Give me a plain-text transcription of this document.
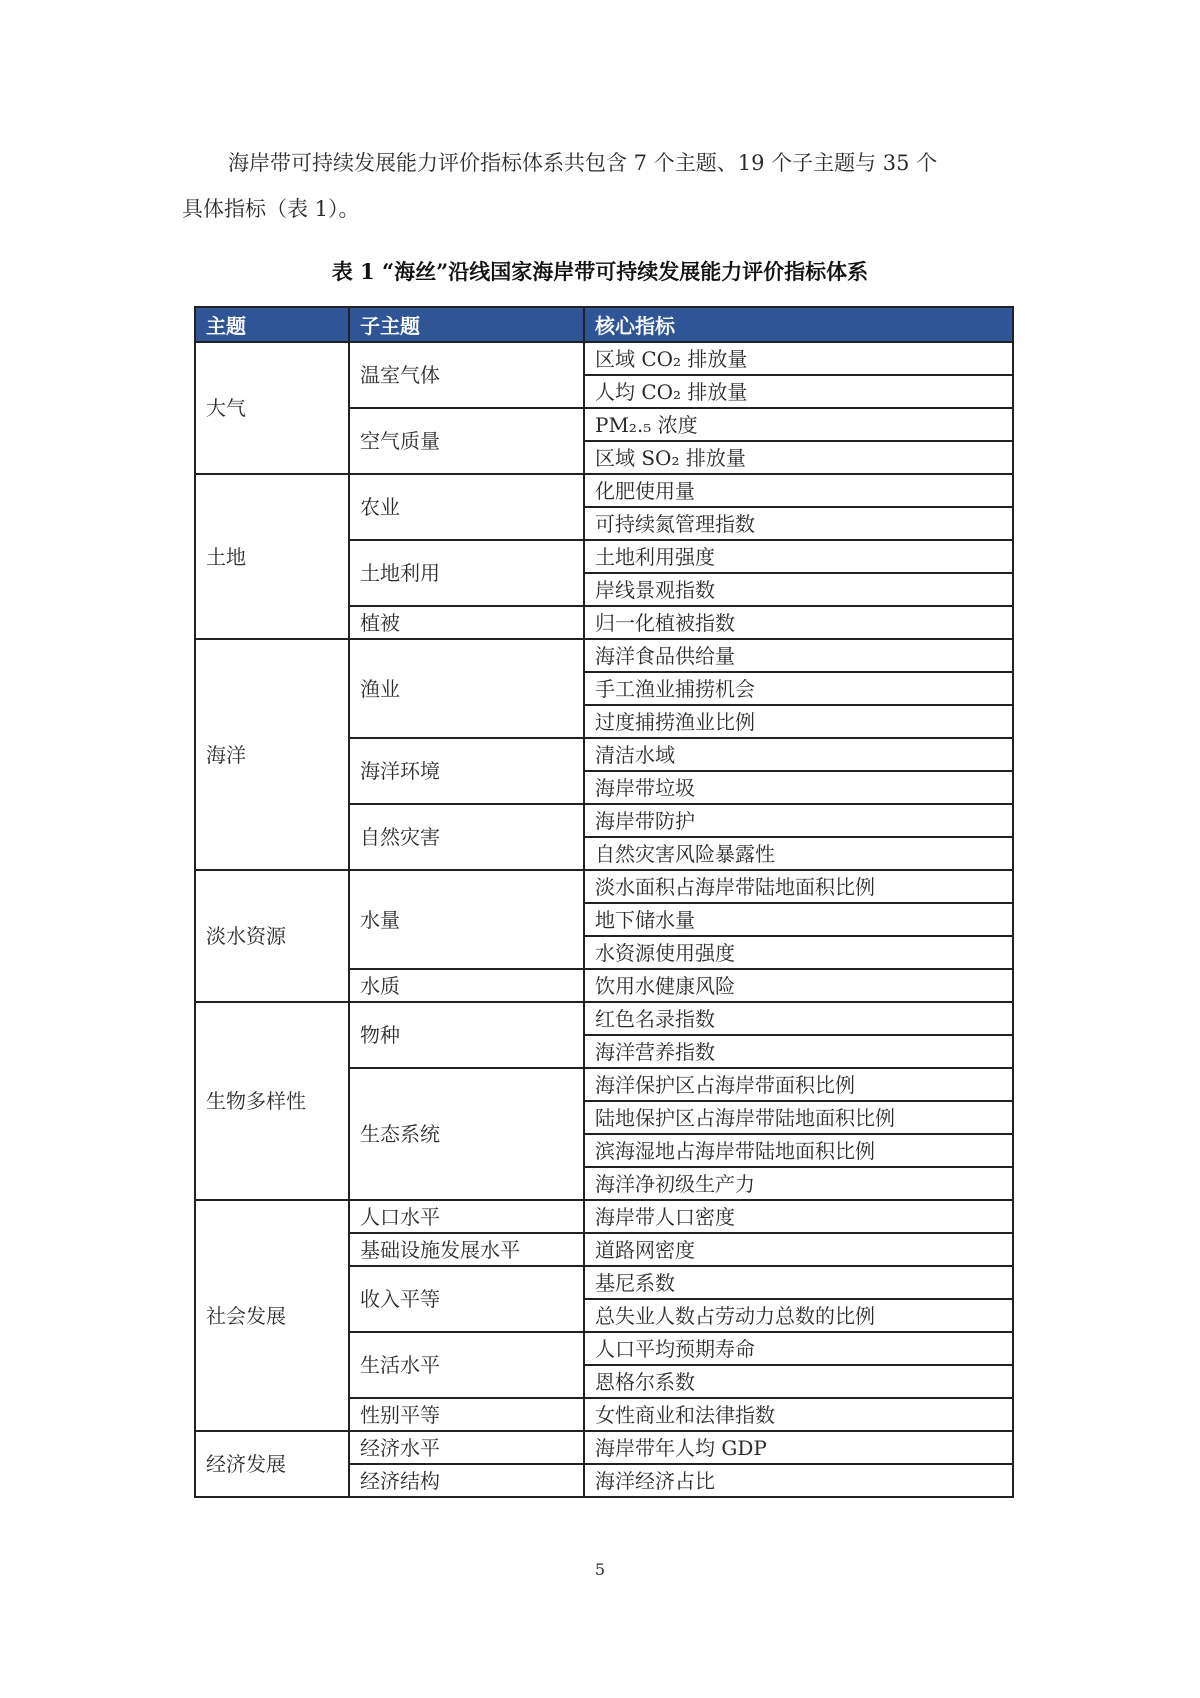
海岸带可持续发展能力评价指标体系共包含 7 个主题、19 个子主题与 35 个

具体指标（表 1）。

表 1 “海丝”沿线国家海岸带可持续发展能力评价指标体系
主题	子主题	核心指标
大气	温室气体	区域 CO₂ 排放量
		人均 CO₂ 排放量
	空气质量	PM₂.₅ 浓度
		区域 SO₂ 排放量
土地	农业	化肥使用量
		可持续氮管理指数
	土地利用	土地利用强度
		岸线景观指数
	植被	归一化植被指数
海洋	渔业	海洋食品供给量
		手工渔业捕捞机会
		过度捕捞渔业比例
	海洋环境	清洁水域
		海岸带垃圾
	自然灾害	海岸带防护
		自然灾害风险暴露性
淡水资源	水量	淡水面积占海岸带陆地面积比例
		地下储水量
		水资源使用强度
	水质	饮用水健康风险
生物多样性	物种	红色名录指数
		海洋营养指数
	生态系统	海洋保护区占海岸带面积比例
		陆地保护区占海岸带陆地面积比例
		滨海湿地占海岸带陆地面积比例
		海洋净初级生产力
社会发展	人口水平	海岸带人口密度
	基础设施发展水平	道路网密度
	收入平等	基尼系数
		总失业人数占劳动力总数的比例
	生活水平	人口平均预期寿命
		恩格尔系数
	性别平等	女性商业和法律指数
经济发展	经济水平	海岸带年人均 GDP
	经济结构	海洋经济占比
5
